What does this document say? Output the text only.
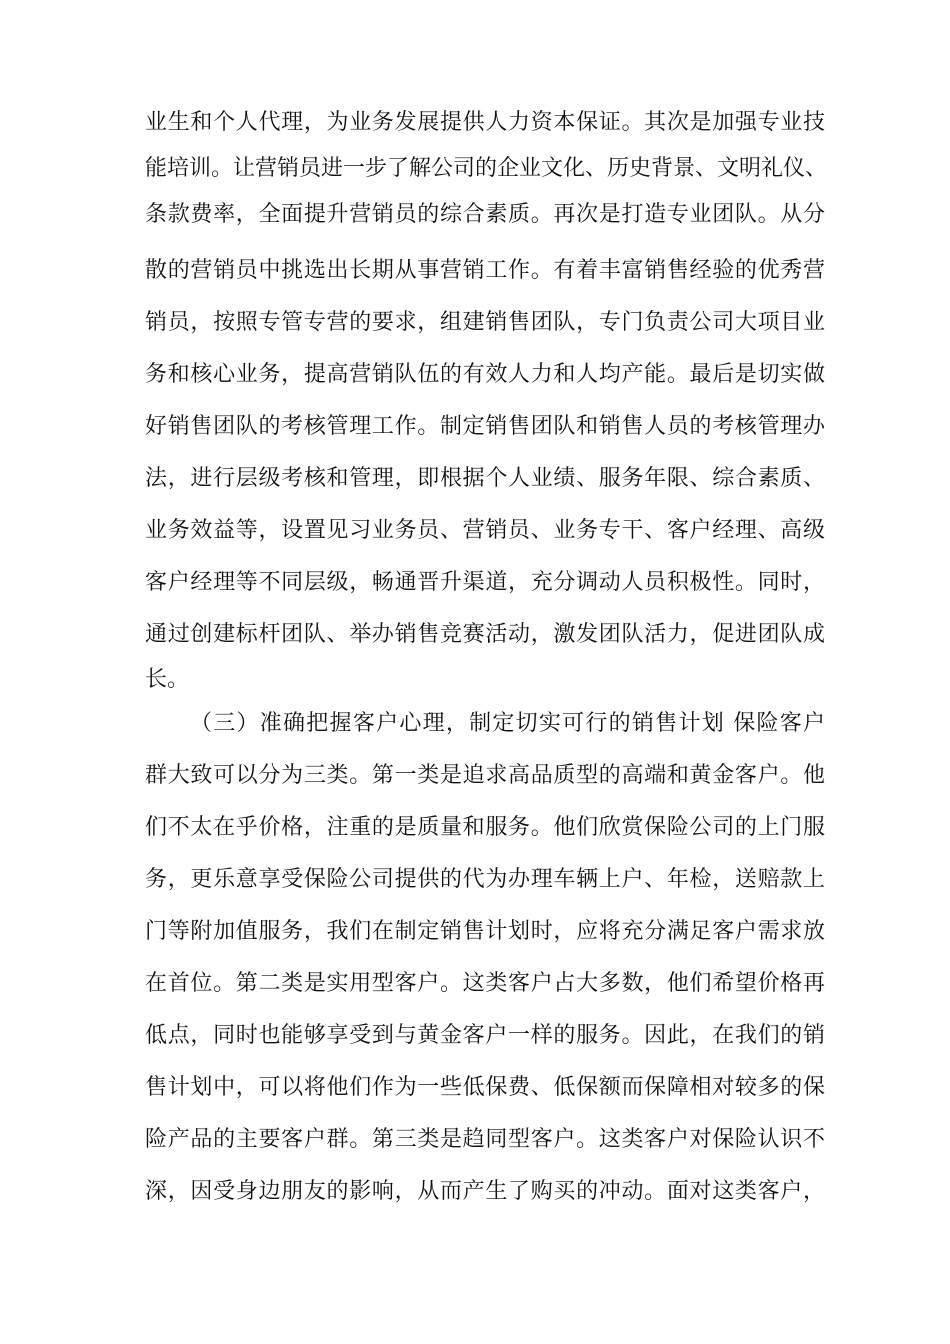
业生和个人代理，为业务发展提供人力资本保证。其次是加强专业技

能培训。让营销员进一步了解公司的企业文化、历史背景、文明礼仪、

条款费率，全面提升营销员的综合素质。再次是打造专业团队。从分

散的营销员中挑选出长期从事营销工作。有着丰富销售经验的优秀营

销员，按照专管专营的要求，组建销售团队，专门负责公司大项目业

务和核心业务，提高营销队伍的有效人力和人均产能。最后是切实做

好销售团队的考核管理工作。制定销售团队和销售人员的考核管理办

法，进行层级考核和管理，即根据个人业绩、服务年限、综合素质、

业务效益等，设置见习业务员、营销员、业务专干、客户经理、高级

客户经理等不同层级，畅通晋升渠道，充分调动人员积极性。同时，

通过创建标杆团队、举办销售竞赛活动，激发团队活力，促进团队成

长。

（三）准确把握客户心理，制定切实可行的销售计划 保险客户

群大致可以分为三类。第一类是追求高品质型的高端和黄金客户。他

们不太在乎价格，注重的是质量和服务。他们欣赏保险公司的上门服

务，更乐意享受保险公司提供的代为办理车辆上户、年检，送赔款上

门等附加值服务，我们在制定销售计划时，应将充分满足客户需求放

在首位。第二类是实用型客户。这类客户占大多数，他们希望价格再

低点，同时也能够享受到与黄金客户一样的服务。因此，在我们的销

售计划中，可以将他们作为一些低保费、低保额而保障相对较多的保

险产品的主要客户群。第三类是趋同型客户。这类客户对保险认识不

深，因受身边朋友的影响，从而产生了购买的冲动。面对这类客户，
